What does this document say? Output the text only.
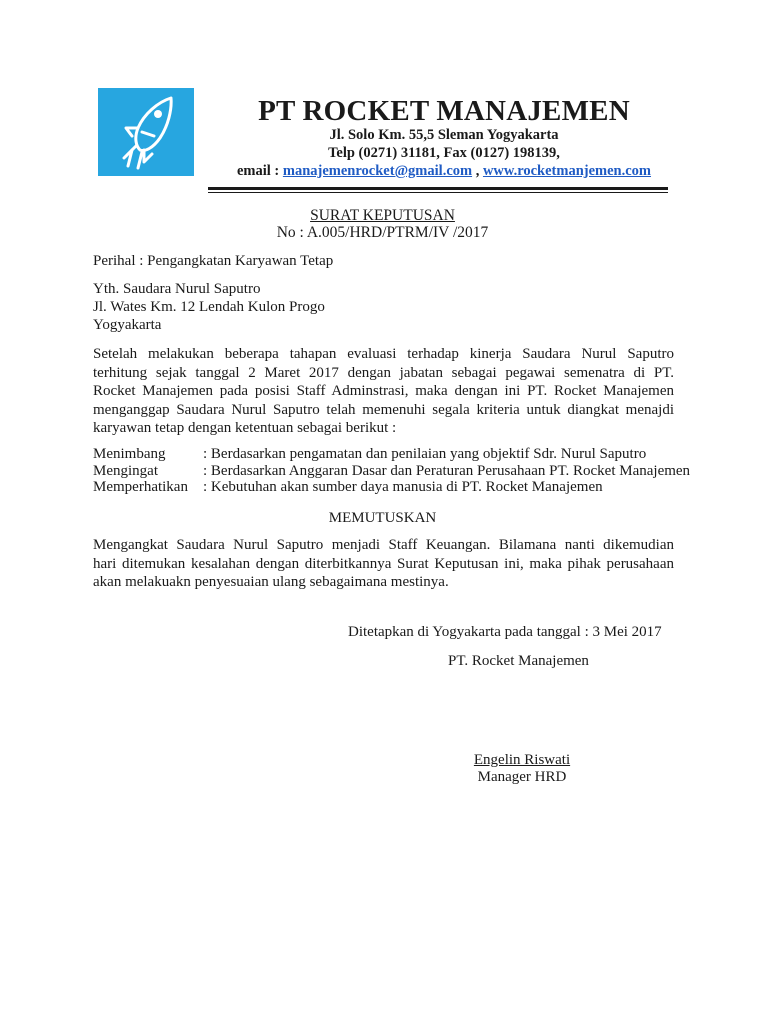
PT ROCKET MANAJEMEN
Jl. Solo Km. 55,5 Sleman Yogyakarta
Telp (0271) 31181, Fax (0127) 198139,
email : manajemenrocket@gmail.com , www.rocketmanjemen.com
SURAT KEPUTUSAN
No : A.005/HRD/PTRM/IV /2017
Perihal : Pengangkatan Karyawan Tetap
Yth. Saudara Nurul Saputro
Jl. Wates Km. 12 Lendah Kulon Progo
Yogyakarta

Setelah melakukan beberapa tahapan evaluasi terhadap kinerja Saudara Nurul Saputro

terhitung sejak tanggal 2 Maret 2017 dengan jabatan sebagai pegawai semenatra di PT.

Rocket Manajemen pada posisi Staff Adminstrasi, maka dengan ini PT. Rocket Manajemen

menganggap Saudara Nurul Saputro telah memenuhi segala kriteria untuk diangkat menajdi

karyawan tetap dengan ketentuan sebagai berikut :

Menimbang	: Berdasarkan pengamatan dan penilaian yang objektif Sdr. Nurul Saputro
Mengingat	: Berdasarkan Anggaran Dasar dan Peraturan Perusahaan PT. Rocket Manajemen
Memperhatikan	: Kebutuhan akan sumber daya manusia di PT. Rocket Manajemen
MEMUTUSKAN

Mengangkat Saudara Nurul Saputro menjadi Staff Keuangan. Bilamana nanti dikemudian

hari ditemukan kesalahan dengan diterbitkannya Surat Keputusan ini, maka pihak perusahaan

akan melakuakn penyesuaian ulang sebagaimana mestinya.

Ditetapkan di Yogyakarta pada tanggal : 3 Mei 2017
PT. Rocket Manajemen
Engelin Riswati
Manager HRD
